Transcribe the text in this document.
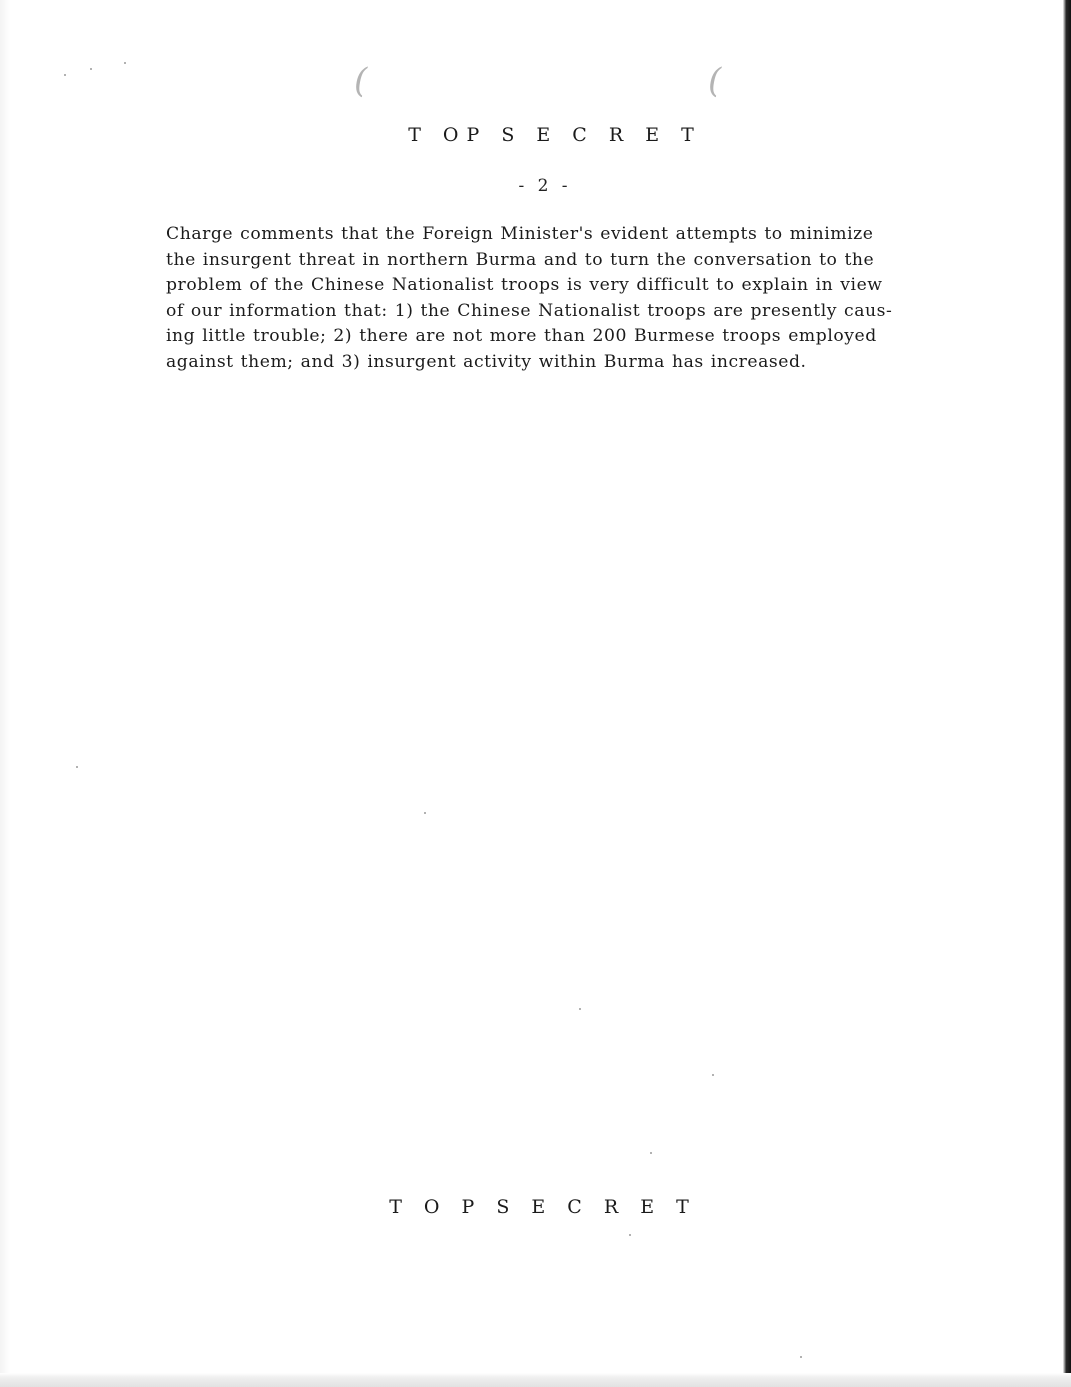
(	(
T OP S E C R E T
- 2 -
Charge comments that the Foreign Minister's evident attempts to minimize
the insurgent threat in northern Burma and to turn the conversation to the
problem of the Chinese Nationalist troops is very difficult to explain in view
of our information that: 1) the Chinese Nationalist troops are presently caus-
ing little trouble; 2) there are not more than 200 Burmese troops employed
against them; and 3) insurgent activity within Burma has increased.
T O P S E C R E T
